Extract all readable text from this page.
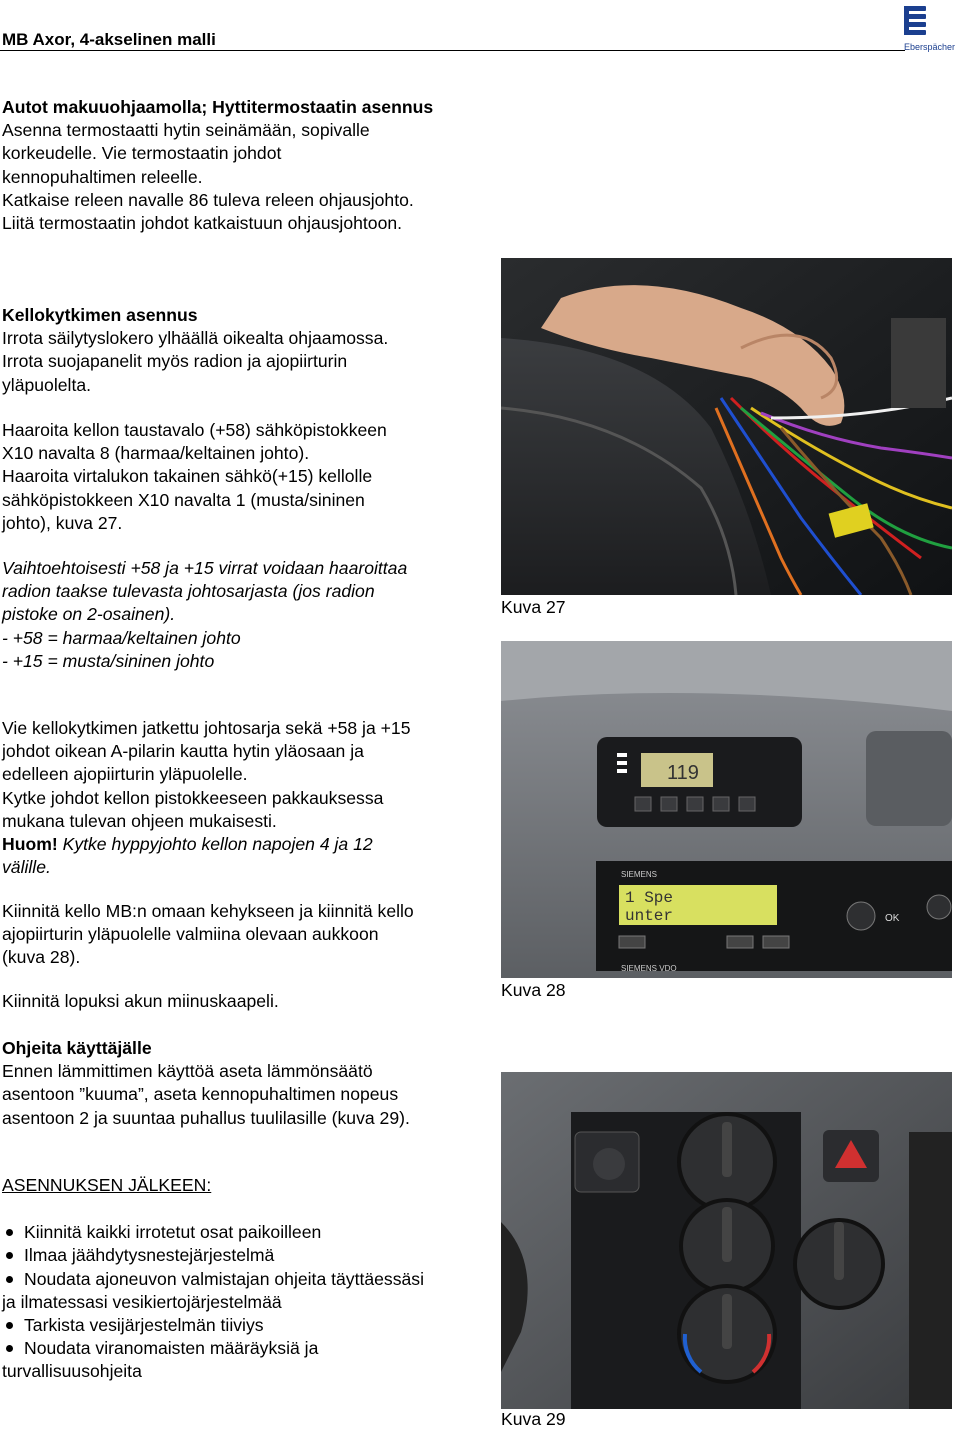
MB Axor, 4-akselinen malli	Eberspächer
Autot makuuohjaamolla; Hyttitermostaatin asennus
Asenna termostaatti hytin seinämään, sopivalle
korkeudelle. Vie termostaatin johdot
kennopuhaltimen releelle.
Katkaise releen navalle 86 tuleva releen ohjausjohto.
Liitä termostaatin johdot katkaistuun ohjausjohtoon.
Kellokytkimen asennus
Irrota säilytyslokero ylhäällä oikealta ohjaamossa.
Irrota suojapanelit myös radion ja ajopiirturin
yläpuolelta.
Haaroita kellon taustavalo (+58) sähköpistokkeen
X10 navalta 8 (harmaa/keltainen johto).
Haaroita virtalukon takainen sähkö(+15) kellolle
sähköpistokkeen X10 navalta 1 (musta/sininen
johto), kuva 27.
Vaihtoehtoisesti +58 ja +15 virrat voidaan haaroittaa
radion taakse tulevasta johtosarjasta (jos radion
pistoke on 2-osainen).
- +58 = harmaa/keltainen johto
- +15 = musta/sininen johto
Vie kellokytkimen jatkettu johtosarja sekä +58 ja +15
johdot oikean A-pilarin kautta hytin yläosaan ja
edelleen ajopiirturin yläpuolelle.
Kytke johdot kellon pistokkeeseen pakkauksessa
mukana tulevan ohjeen mukaisesti.
Huom! Kytke hyppyjohto kellon napojen 4 ja 12
välille.
Kiinnitä kello MB:n omaan kehykseen ja kiinnitä kello
ajopiirturin yläpuolelle valmiina olevaan aukkoon
(kuva 28).
Kiinnitä lopuksi akun miinuskaapeli.
Ohjeita käyttäjälle
Ennen lämmittimen käyttöä aseta lämmönsäätö
asentoon ”kuuma”, aseta kennopuhaltimen nopeus
asentoon 2 ja suuntaa puhallus tuulilasille (kuva 29).
ASENNUKSEN JÄLKEEN:
Kiinnitä kaikki irrotetut osat paikoilleen
Ilmaa jäähdytysnestejärjestelmä
Noudata ajoneuvon valmistajan ohjeita täyttäessäsi
ja ilmatessasi vesikiertojärjestelmää
Tarkista vesijärjestelmän tiiviys
Noudata viranomaisten määräyksiä ja
turvallisuusohjeita
Kuva 27
119
SIEMENS
1 Spe
unter	OK
SIEMENS VDO
Kuva 28
Kuva 29
